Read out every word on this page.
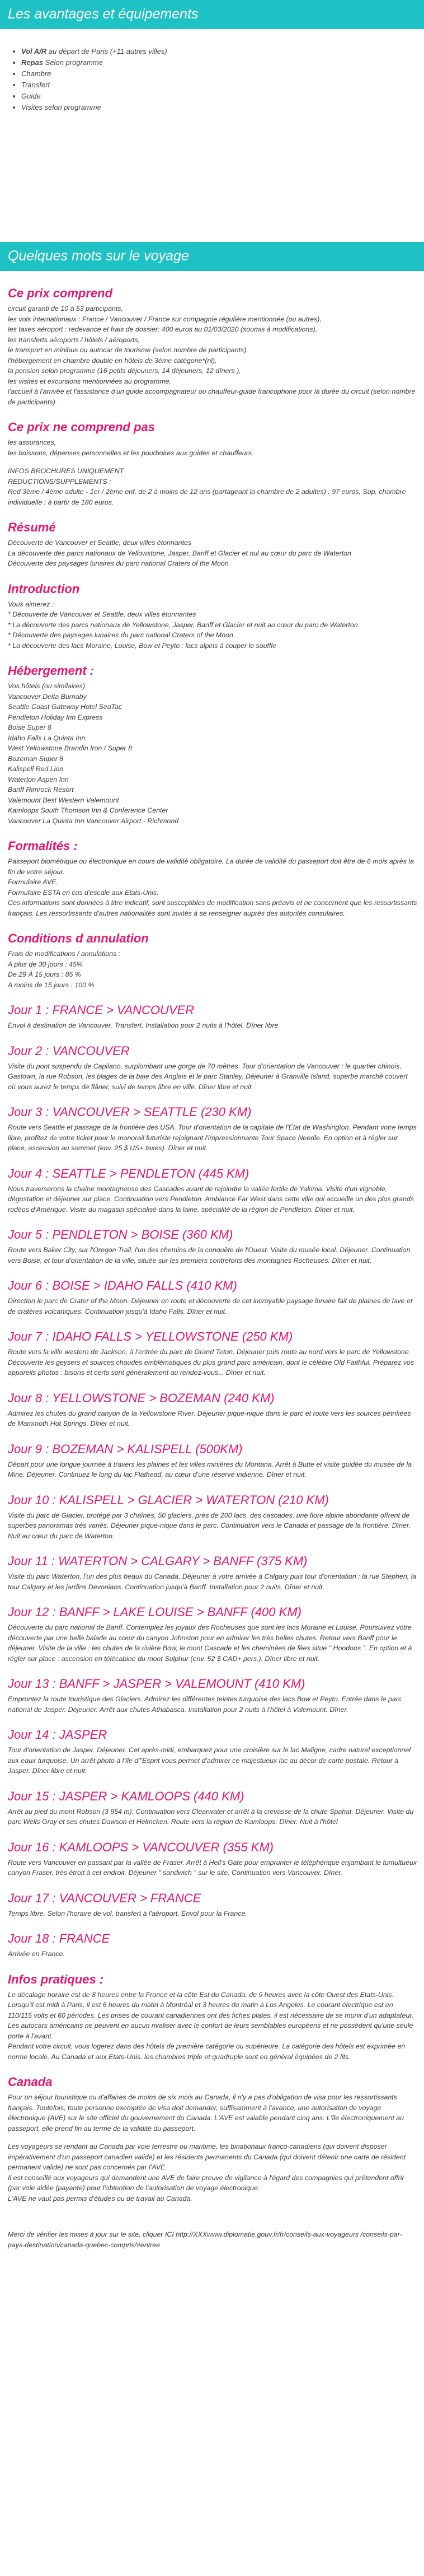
Les avantages et équipements
• Vol A/R au départ de Paris (+11 autres villes)
• Repas Selon programme
• Chambre
• Transfert
• Guide
• Visites selon programme
Quelques mots sur le voyage
Ce prix comprend

circuit garanti de 10 à 53 participants,

les vols internationaux : France / Vancouver / France sur compagnie régulière mentionnée (ou autres),

les taxes aéroport : redevance et frais de dossier: 400 euros au 01/03/2020 (soumis à modifications),

les transferts aéroports / hôtels / aéroports,

le transport en minibus ou autocar de tourisme (selon nombre de participants),

l'hébergement en chambre double en hôtels de 3ème catégorie*(nl),

la pension selon programme (16 petits déjeuners, 14 déjeuners, 12 dîners ),

les visites et excursions mentionnées au programme,

l'accueil à l'arrivée et l'assistance d'un guide accompagnateur ou chauffeur-guide francophone pour la durée du circuit (selon nombre de participants).

Ce prix ne comprend pas

les assurances,

les boissons, dépenses personnelles et les pourboires aux guides et chauffeurs.

INFOS BROCHURES UNIQUEMENT

REDUCTIONS/SUPPLEMENTS :

Red 3ème / 4ème adulte - 1er / 2ème enf. de 2 à moins de 12 ans (partageant la chambre de 2 adultes) : 97 euros, Sup. chambre individuelle : à partir de 180 euros.

Résumé

Découverte de Vancouver et Seattle, deux villes étonnantes

La découverte des parcs nationaux de Yellowstone, Jasper, Banff et Glacier et nul au cœur du parc de Waterton

Découverte des paysages lunaires du parc national Craters of the Moon

Introduction

Vous aimerez :

* Découverte de Vancouver et Seattle, deux villes étonnantes

* La découverte des parcs nationaux de Yellowstone, Jasper, Banff et Glacier et nuit au cœur du parc de Waterton

* Découverte des paysages lunaires du parc national Craters of the Moon

* La découverte des lacs Moraine, Louise, Bow et Peyto : lacs alpins à couper le souffle

Hébergement :

Vos hôtels (ou similaires)

Vancouver Delta Burnaby

Seattle Coast Gateway Hotel SeaTac

Pendleton Holiday Inn Express

Boise Super 8

Idaho Falls La Quinta Inn

West Yellowstone Brandin Iron / Super 8

Bozeman Super 8

Kalispell Red Lion

Waterton Aspen Inn

Banff Rimrock Resort

Valemount Best Western Valemount

Kamloops South Thomson Inn & Conference Center

Vancouver La Quinta Inn Vancouver Airport - Richmond

Formalités :

Passeport biométrique ou électronique en cours de validité obligatoire. La durée de validité du passeport doit être de 6 mois après la fin de votre séjour.

Formulaire AVE.

Formulaire ESTA en cas d'escale aux Etats-Unis.

Ces informations sont données à titre indicatif, sont susceptibles de modification sans préavis et ne concernent que les ressortissants français. Les ressortissants d'autres nationalités sont invités à se renseigner auprès des autorités consulaires.

Conditions d annulation

Frais de modifications / annulations :

A plus de 30 jours : 45%

De 29 À 15 jours : 85 %

A moins de 15 jours : 100 %

Jour 1 : FRANCE > VANCOUVER

Envol à destination de Vancouver. Transfert. Installation pour 2 nuits à l'hôtel. Dîner libre.

Jour 2 : VANCOUVER

Visite du pont suspendu de Capilano, surplombant une gorge de 70 mètres. Tour d'orientation de Vancouver : le quartier chinois, Gastown, la rue Robson, les plages de la baie des Anglais et le parc Stanley. Déjeuner à Granville Island, superbe marché couvert où vous aurez le temps de flâner, suivi de temps libre en ville. Dîner libre et nuit.

Jour 3 : VANCOUVER > SEATTLE (230 KM)

Route vers Seattle et passage de la frontière des USA. Tour d'orientation de la capitale de l'Etat de Washington. Pendant votre temps libre, profitez de votre ticket pour le monorail futuriste rejoignant l'impressionnante Tour Space Needle. En option et à régler sur place, ascension au sommet (env. 25 $ US+ taxes). Dîner et nuit.

Jour 4 : SEATTLE > PENDLETON (445 KM)

Nous traverserons la chaîne montagneuse des Cascades avant de rejoindre la vallée fertile de Yakima. Visite d'un vignoble, dégustation et déjeuner sur place. Continuation vers Pendleton. Ambiance Far West dans cette ville qui accueille un des plus grands rodéos d'Amérique. Visite du magasin spécialisé dans la laine, spécialité de la région de Pendleton. Dîner et nuit.

Jour 5 : PENDLETON > BOISE (360 KM)

Route vers Baker City, sur l'Oregon Trail, l'un des chemins de la conquête de l'Ouest. Visite du musée local. Déjeuner. Continuation vers Boise, et tour d'orientation de la ville, située sur les premiers contreforts des montagnes Rocheuses. Dîner et nuit.

Jour 6 : BOISE > IDAHO FALLS (410 KM)

Direction le parc de Crater of the Moon. Déjeuner en route et découverte de cet incroyable paysage lunaire fait de plaines de lave et de cratères volcaniques. Continuation jusqu'à Idaho Falls. Dîner et nuit.

Jour 7 : IDAHO FALLS > YELLOWSTONE (250 KM)

Route vers la ville western de Jackson, à l'entrée du parc de Grand Teton. Déjeuner puis route au nord vers le parc de Yellowstone. Découverte les geysers et sources chaudes emblématiques du plus grand parc américain, dont le célèbre Old Faithful. Préparez vos appareils photos : bisons et cerfs sont généralement au rendez-vous... Dîner et nuit.

Jour 8 : YELLOWSTONE > BOZEMAN (240 KM)

Admirez les chutes du grand canyon de la Yellowstone River. Déjeuner pique-nique dans le parc et route vers les sources pétrifiées de Mammoth Hot Springs. Dîner et nuit.

Jour 9 : BOZEMAN > KALISPELL (500KM)

Départ pour une longue journée à travers les plaines et les villes minières du Montana. Arrêt à Butte et visite guidée du musée de la Mine. Déjeuner. Continuez le long du lac Flathead, au cœur d'une réserve indienne. Dîner et nuit.

Jour 10 : KALISPELL > GLACIER > WATERTON (210 KM)

Visite du parc de Glacier, protégé par 3 chaînes, 50 glaciers, près de 200 lacs, des cascades, une flore alpine abondante offrent de superbes panoramas très variés. Déjeuner pique-nique dans le parc. Continuation vers le Canada et passage de la frontière. Dîner. Nuit au cœur du parc de Waterton.

Jour 11 : WATERTON > CALGARY > BANFF (375 KM)

Visite du parc Waterton, l'un des plus beaux du Canada. Déjeuner à votre arrivée à Calgary puis tour d'orientation : la rue Stephen, la tour Calgary et les jardins Devonians. Continuation jusqu'à Banff. Installation pour 2 nuits. Dîner et nuit.

Jour 12 : BANFF > LAKE LOUISE > BANFF (400 KM)

Découverte du parc national de Banff. Contemplez les joyaux des Rocheuses que sont les lacs Moraine et Louise. Poursuivez votre découverte par une belle balade au cœur du canyon Johnston pour en admirer les très belles chutes. Retour vers Banff pour le déjeuner. Visite de la ville : les chutes de la rivière Bow, le mont Cascade et les cheminées de fées situe " Hoodoos ". En option et à régler sur place : ascension en télécabine du mont Sulphur (env. 52 $ CAD+ pers.). Dîner libre et nuit.

Jour 13 : BANFF > JASPER > VALEMOUNT (410 KM)

Empruntez la route touristique des Glaciers. Admirez les différentes teintes turquoise des lacs Bow et Peyto. Entrée dans le parc national de Jasper. Déjeuner. Arrêt aux chutes Athabasca. Installation pour 2 nuits à l'hôtel à Valemount. Dîner.

Jour 14 : JASPER

Tour d'orientation de Jasper. Déjeuner. Cet après-midi, embarquez pour une croisière sur le lac Maligne, cadre naturel exceptionnel aux eaux turquoise. Un arrêt photo à l'île d'"Esprit vous permet d'admirer ce majestueux lac au décor de carte postale. Retour à Jasper. Dîner libre et nuit.

Jour 15 : JASPER > KAMLOOPS (440 KM)

Arrêt au pied du mont Robson (3 954 m). Continuation vers Clearwater et arrêt à la crevasse de la chute Spahat. Déjeuner. Visite du parc Wells Gray et ses chutes Dawson et Helmcken. Route vers la région de Kamloops. Dîner. Nuit à l'hôtel

Jour 16 : KAMLOOPS > VANCOUVER (355 KM)

Route vers Vancouver en passant par la vallée de Fraser. Arrêt à Hell's Gate pour emprunter le téléphérique enjambant le tumultueux canyon Fraser, très étroit à cet endroit. Déjeuner " sandwich " sur le site. Continuation vers Vancouver. Dîner.

Jour 17 : VANCOUVER > FRANCE

Temps libre. Selon l'horaire de vol, transfert à l'aéroport. Envol pour la France.

Jour 18 : FRANCE

Arrivée en France.

Infos pratiques :

Le décalage horaire est de 8 heures entre la France et la côte Est du Canada, de 9 heures avec la côte Ouest des Etats-Unis. Lorsqu'il est midi à Paris, il est 6 heures du matin à Montréal et 3 heures du matin à Los Angeles. Le courant électrique est en 110/115 volts et 60 périodes. Les prises de courant canadiennes ont des fiches plates, il est nécessaire de se munir d'un adaptateur.

Les autocars américains ne peuvent en aucun rivaliser avec le confort de leurs semblables européens et ne possèdent qu'une seule porte à l'avant.

Pendant votre circuit, vous logerez dans des hôtels de première catégorie ou supérieure. La catégorie des hôtels est exprimée en norme locale. Au Canada et aux Etats-Unis, les chambres triple et quadruple sont en général équipées de 2 lits.

Canada

Pour un séjour touristique ou d'affaires de moins de six mois au Canada, il n'y a pas d'obligation de visa pour les ressortissants français. Toutefois, toute personne exemptée de visa doit demander, suffisamment à l'avance, une autorisation de voyage électronique (AVE) sur le site officiel du gouvernement du Canada. L'AVE est valable pendant cinq ans. L'île électroniquement au passeport, elle prend fin au terme de la validité du passeport.

Les voyageurs se rendant au Canada par voie terrestre ou maritime, les binationaux franco-canadiens (qui doivent disposer impérativement d'un passeport canadien valide) et les résidents permanents du Canada (qui doivent détenir une carte de résident permanent valide) ne sont pas concernés par l'AVE.

Il est conseillé aux voyageurs qui demandent une AVE de faire preuve de vigilance à l'égard des compagnies qui prétendent offrir (par voie aidée (payante) pour l'obtention de l'autorisation de voyage électronique.

L'AVE ne vaut pas permis d'études ou de travail au Canada.

Merci de vérifier les mises à jour sur le site, cliquer ICI http://XXXwww.diplomatie.gouv.fr/fr/conseils-aux-voyageurs /conseils-par-pays-destination/canada-quebec-compris/#entree
